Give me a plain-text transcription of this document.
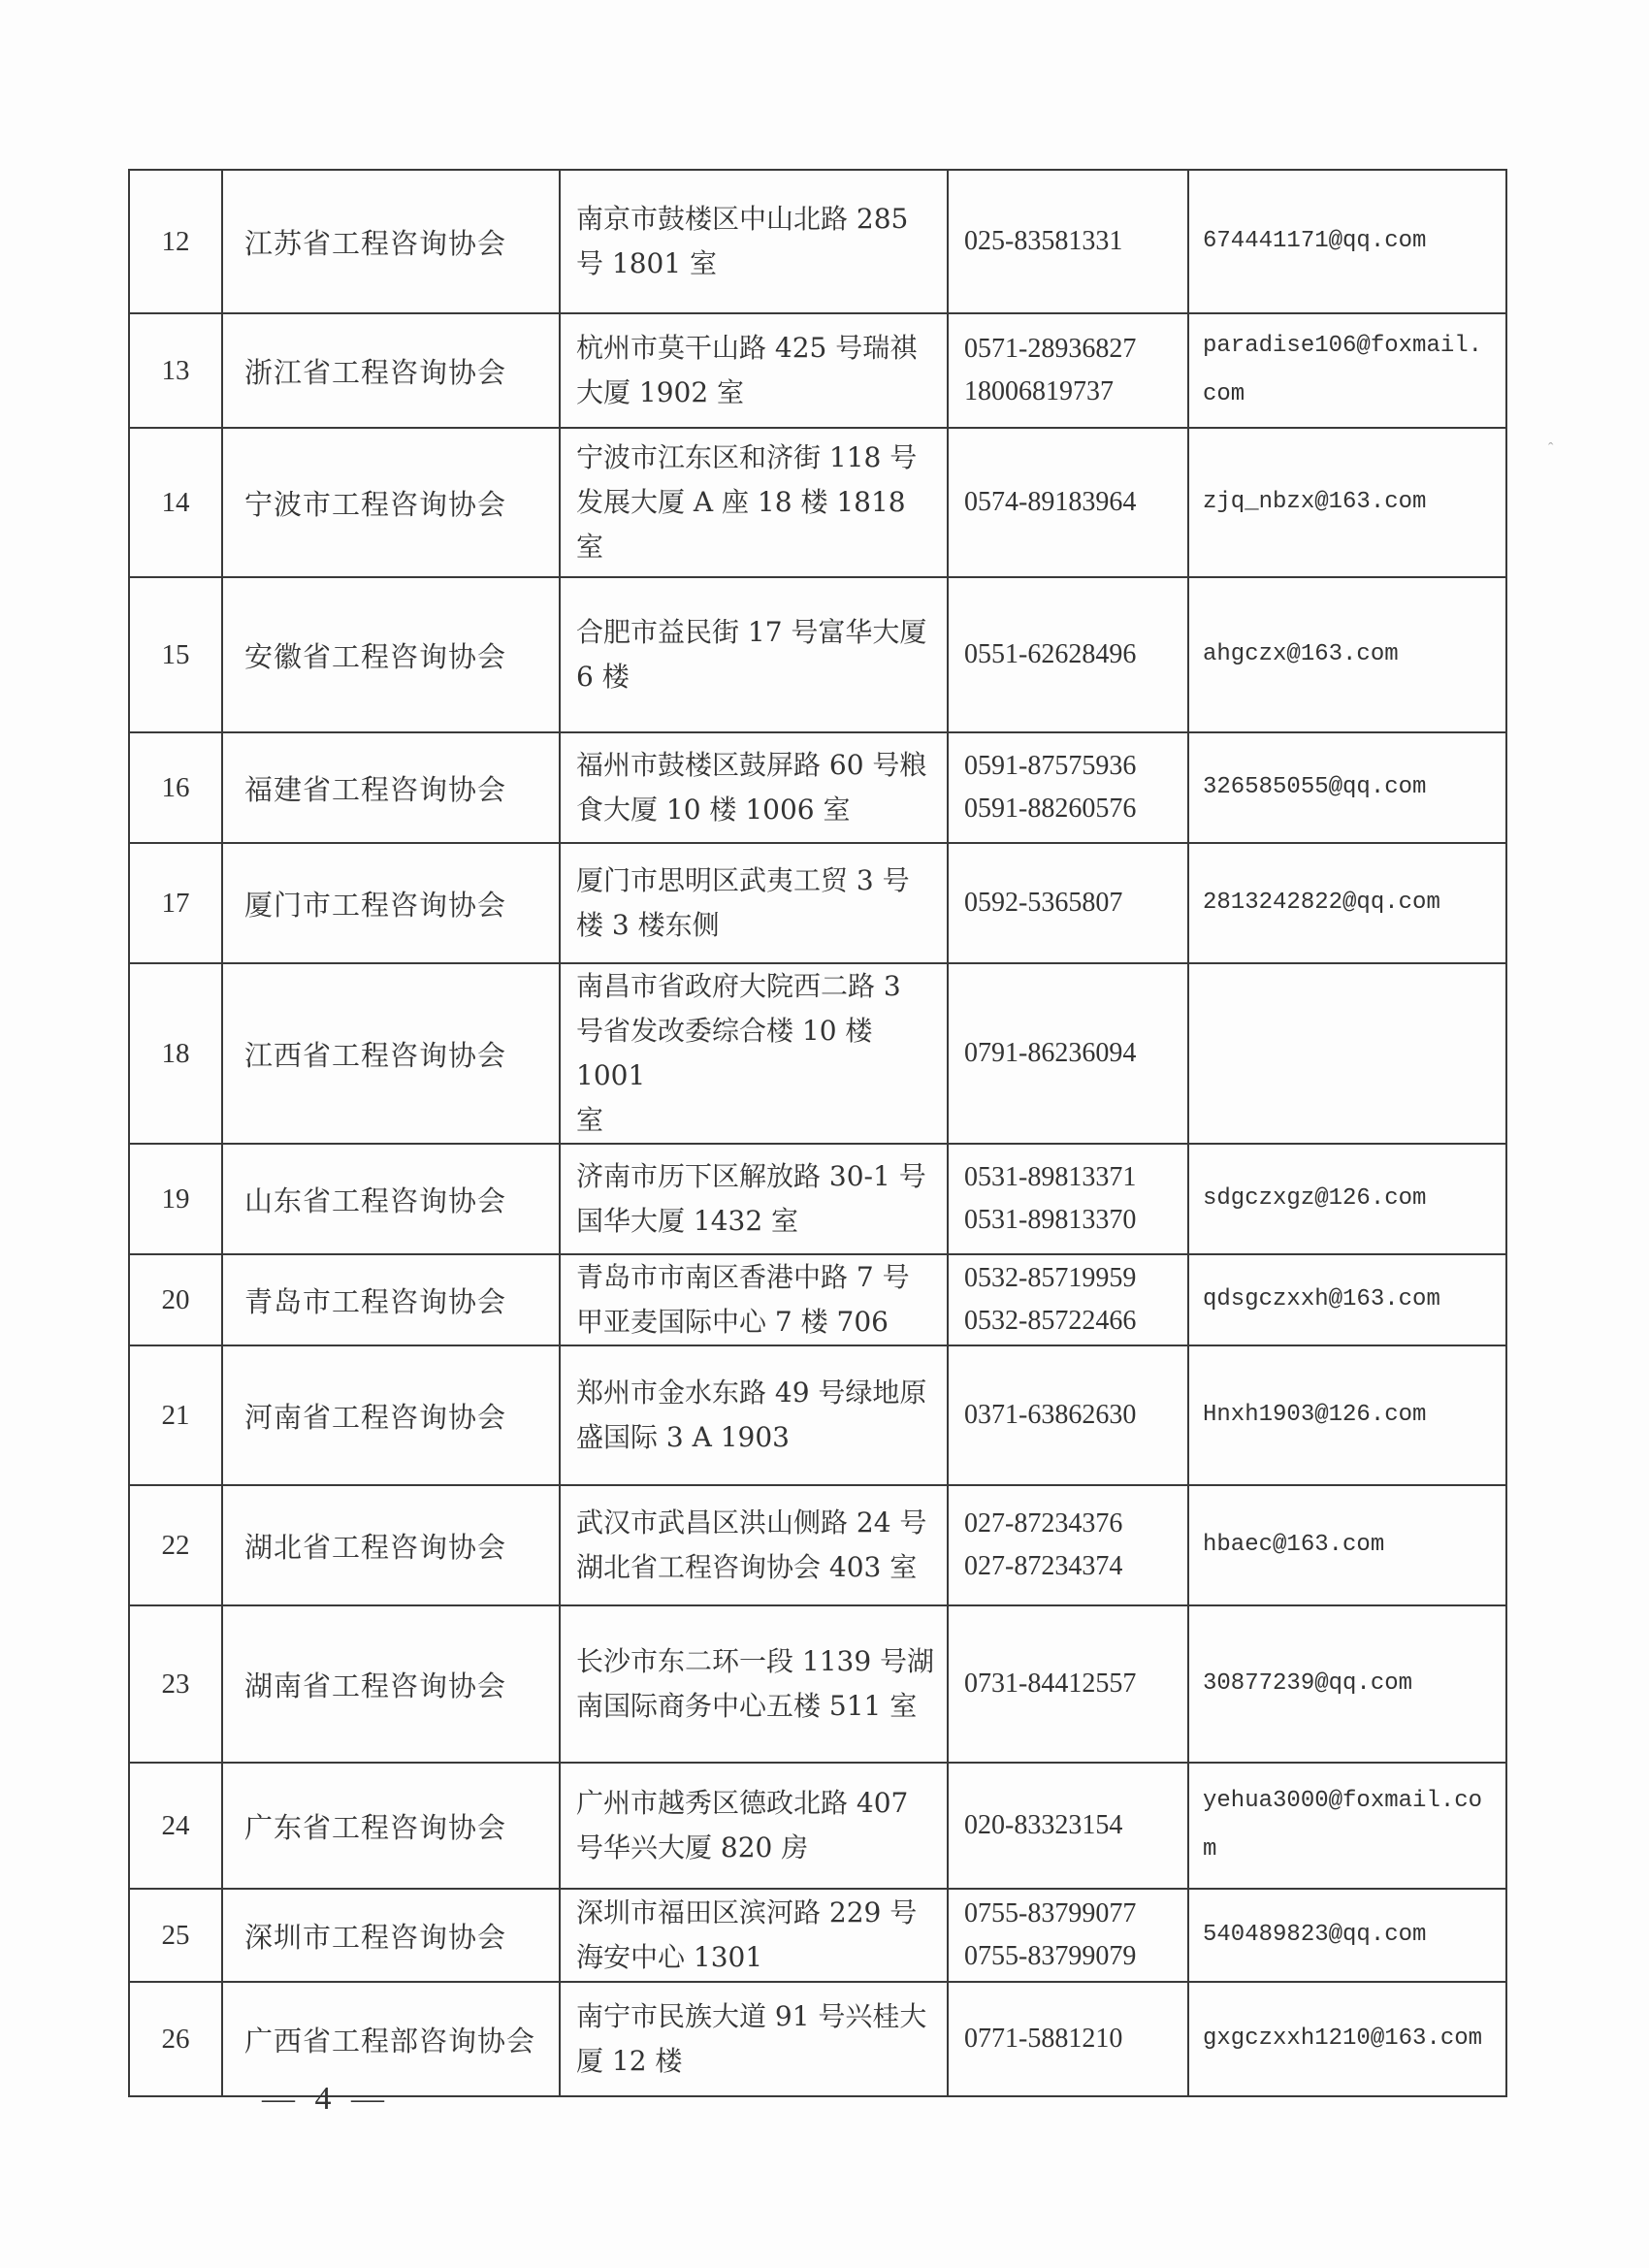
12	江苏省工程咨询协会	南京市鼓楼区中山北路 285
号 1801 室	025-83581331	674441171@qq.com

13	浙江省工程咨询协会	杭州市莫干山路 425 号瑞祺
大厦 1902 室	0571-28936827
18006819737	paradise106@foxmail.
com

14	宁波市工程咨询协会	宁波市江东区和济街 118 号
发展大厦 A 座 18 楼 1818 室	0574-89183964	zjq_nbzx@163.com

15	安徽省工程咨询协会	合肥市益民街 17 号富华大厦
6 楼	0551-62628496	ahgczx@163.com

16	福建省工程咨询协会	福州市鼓楼区鼓屏路 60 号粮
食大厦 10 楼 1006 室	0591-87575936
0591-88260576	326585055@qq.com

17	厦门市工程咨询协会	厦门市思明区武夷工贸 3 号
楼 3 楼东侧	0592-5365807	2813242822@qq.com

18	江西省工程咨询协会	南昌市省政府大院西二路 3
号省发改委综合楼 10 楼 1001
室	0791-86236094	

19	山东省工程咨询协会	济南市历下区解放路 30-1 号
国华大厦 1432 室	0531-89813371
0531-89813370	sdgczxgz@126.com

20	青岛市工程咨询协会	青岛市市南区香港中路 7 号
甲亚麦国际中心 7 楼 706	0532-85719959
0532-85722466	qdsgczxxh@163.com

21	河南省工程咨询协会	郑州市金水东路 49 号绿地原
盛国际 3 A 1903	0371-63862630	Hnxh1903@126.com

22	湖北省工程咨询协会	武汉市武昌区洪山侧路 24 号
湖北省工程咨询协会 403 室	027-87234376
027-87234374	hbaec@163.com

23	湖南省工程咨询协会	长沙市东二环一段 1139 号湖
南国际商务中心五楼 511 室	0731-84412557	30877239@qq.com

24	广东省工程咨询协会	广州市越秀区德政北路 407
号华兴大厦 820 房	020-83323154	yehua3000@foxmail.co
m

25	深圳市工程咨询协会	深圳市福田区滨河路 229 号
海安中心 1301	0755-83799077
0755-83799079	540489823@qq.com

26	广西省工程部咨询协会	南宁市民族大道 91 号兴桂大
厦 12 楼	0771-5881210	gxgczxxh1210@163.com
— 4 —
ꞈ
